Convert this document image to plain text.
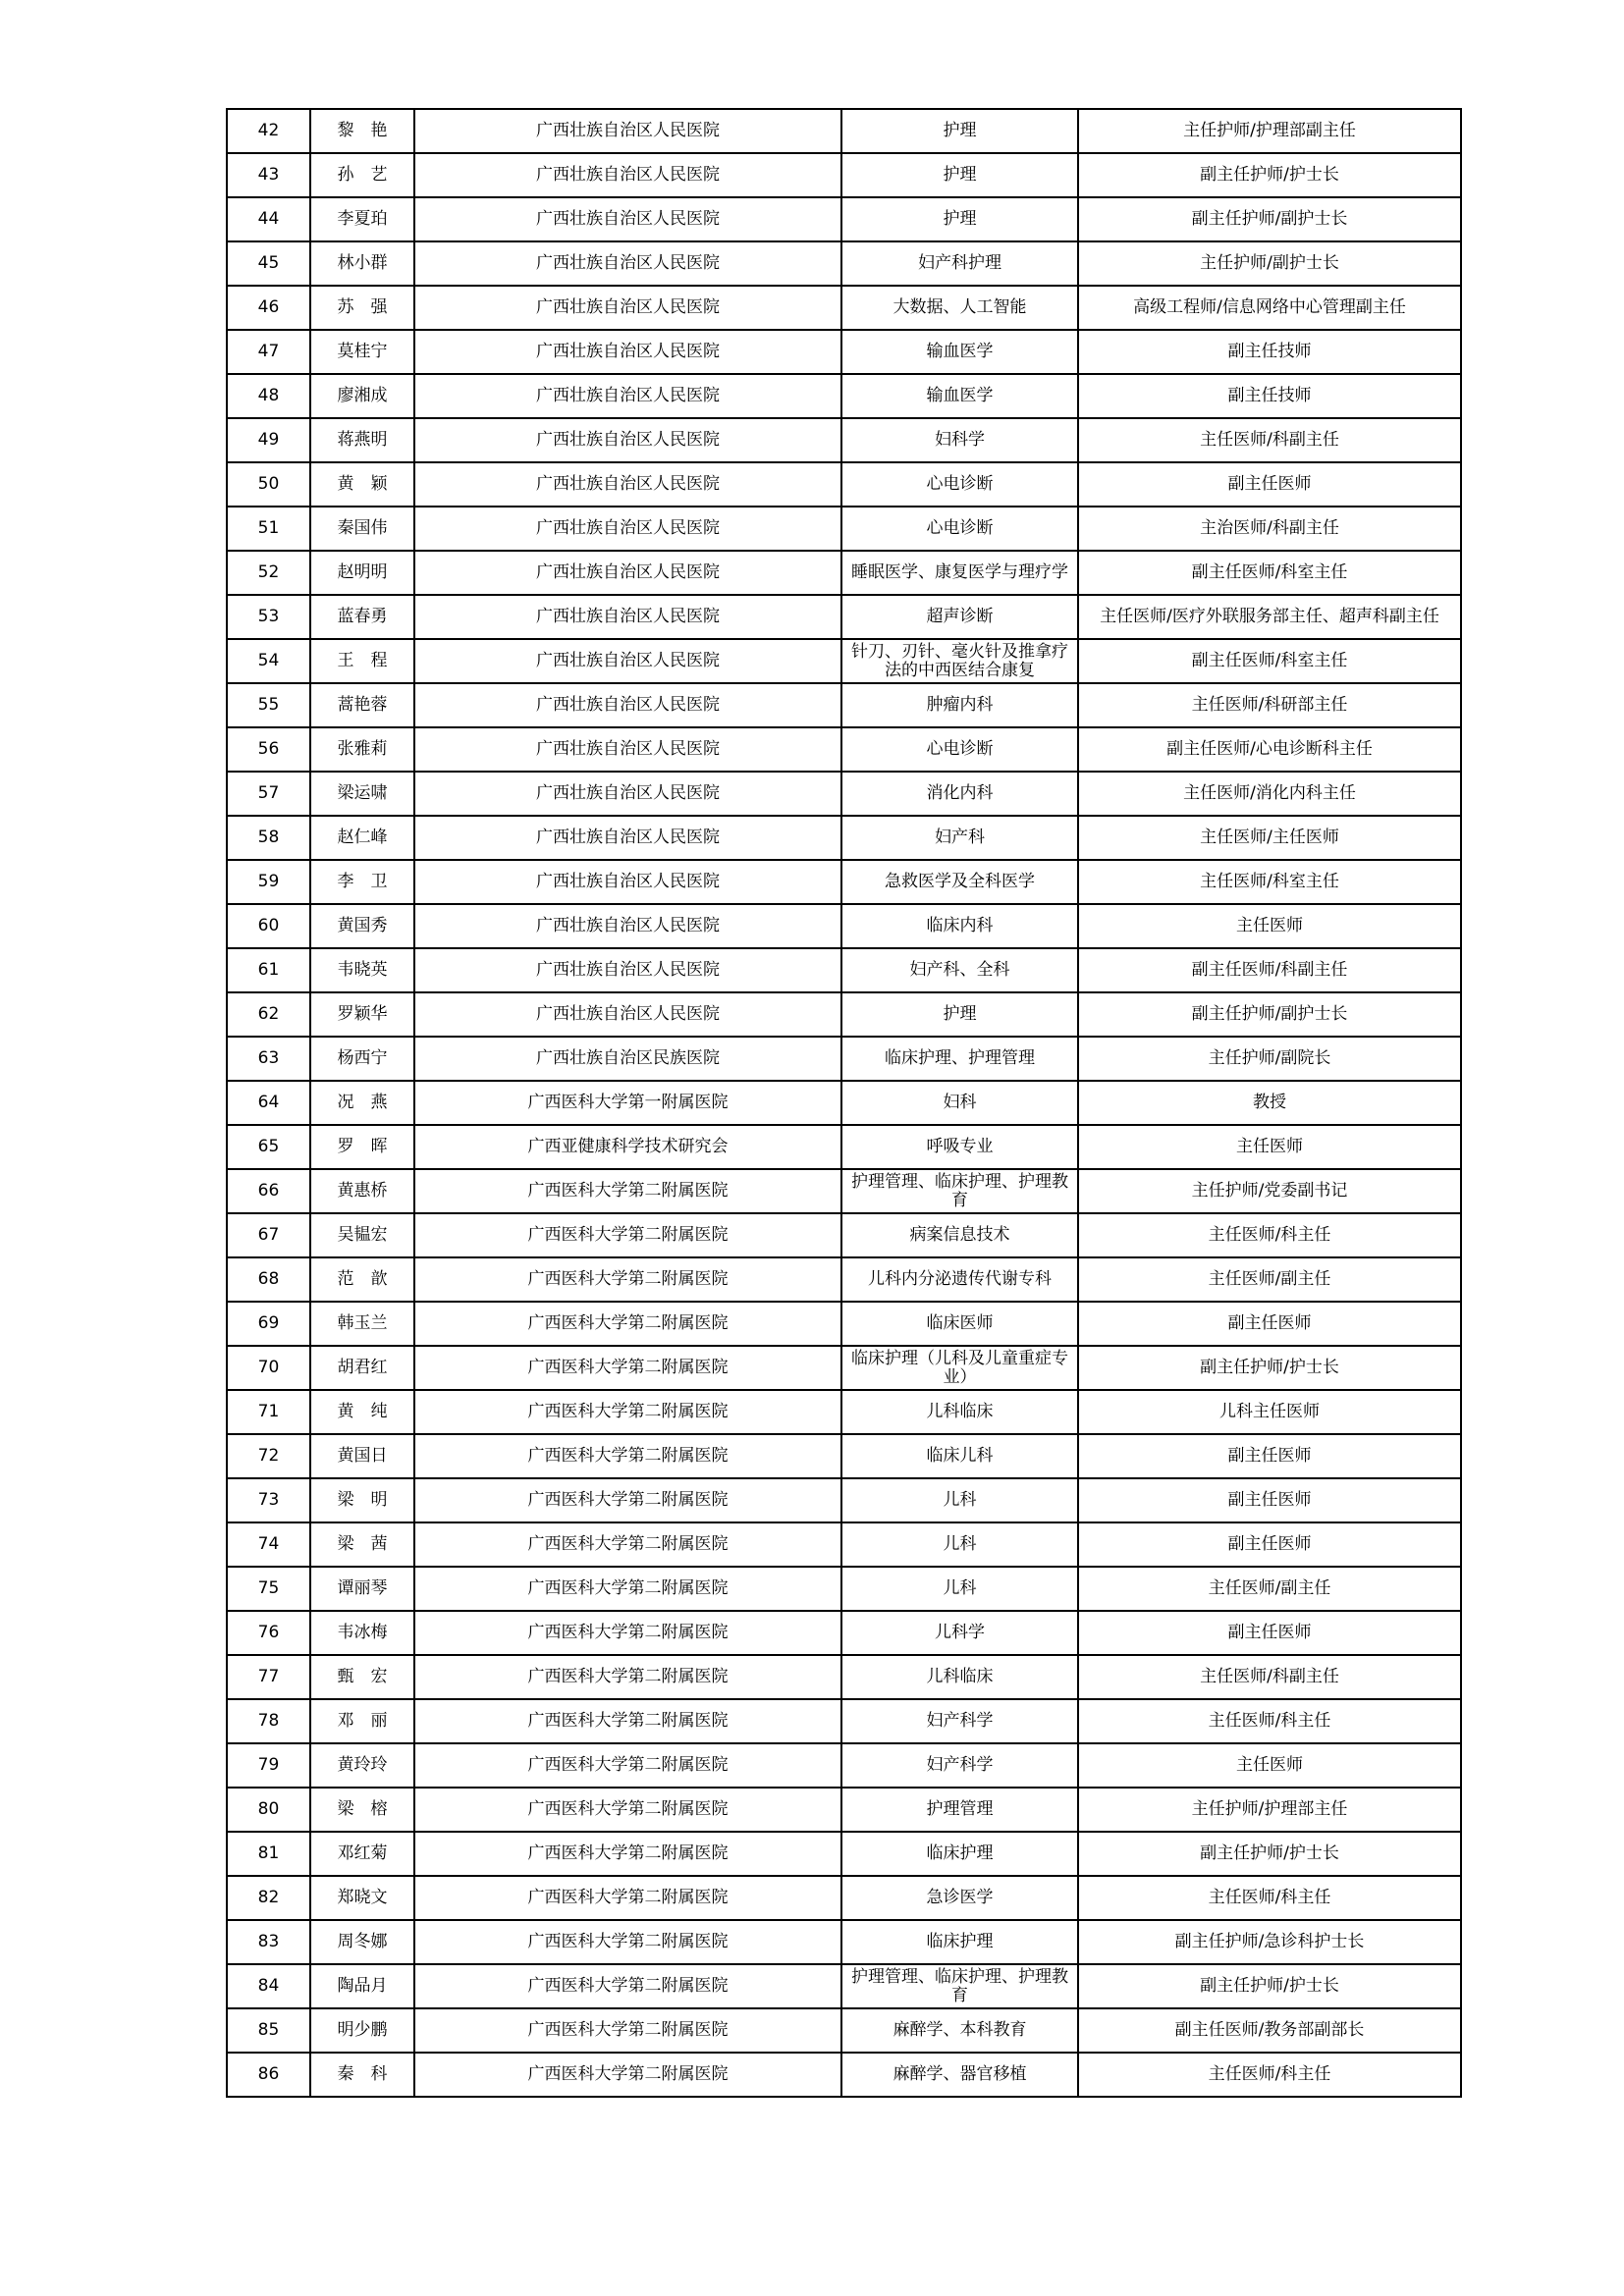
42	黎　艳	广西壮族自治区人民医院	护理	主任护师/护理部副主任
43	孙　艺	广西壮族自治区人民医院	护理	副主任护师/护士长
44	李夏珀	广西壮族自治区人民医院	护理	副主任护师/副护士长
45	林小群	广西壮族自治区人民医院	妇产科护理	主任护师/副护士长
46	苏　强	广西壮族自治区人民医院	大数据、人工智能	高级工程师/信息网络中心管理副主任
47	莫桂宁	广西壮族自治区人民医院	输血医学	副主任技师
48	廖湘成	广西壮族自治区人民医院	输血医学	副主任技师
49	蒋燕明	广西壮族自治区人民医院	妇科学	主任医师/科副主任
50	黄　颖	广西壮族自治区人民医院	心电诊断	副主任医师
51	秦国伟	广西壮族自治区人民医院	心电诊断	主治医师/科副主任
52	赵明明	广西壮族自治区人民医院	睡眠医学、康复医学与理疗学	副主任医师/科室主任
53	蓝春勇	广西壮族自治区人民医院	超声诊断	主任医师/医疗外联服务部主任、超声科副主任
54	王　程	广西壮族自治区人民医院	针刀、刃针、毫火针及推拿疗法的中西医结合康复	副主任医师/科室主任
55	蒿艳蓉	广西壮族自治区人民医院	肿瘤内科	主任医师/科研部主任
56	张雅莉	广西壮族自治区人民医院	心电诊断	副主任医师/心电诊断科主任
57	梁运啸	广西壮族自治区人民医院	消化内科	主任医师/消化内科主任
58	赵仁峰	广西壮族自治区人民医院	妇产科	主任医师/主任医师
59	李　卫	广西壮族自治区人民医院	急救医学及全科医学	主任医师/科室主任
60	黄国秀	广西壮族自治区人民医院	临床内科	主任医师
61	韦晓英	广西壮族自治区人民医院	妇产科、全科	副主任医师/科副主任
62	罗颖华	广西壮族自治区人民医院	护理	副主任护师/副护士长
63	杨西宁	广西壮族自治区民族医院	临床护理、护理管理	主任护师/副院长
64	况　燕	广西医科大学第一附属医院	妇科	教授
65	罗　晖	广西亚健康科学技术研究会	呼吸专业	主任医师
66	黄惠桥	广西医科大学第二附属医院	护理管理、临床护理、护理教育	主任护师/党委副书记
67	吴韫宏	广西医科大学第二附属医院	病案信息技术	主任医师/科主任
68	范　歆	广西医科大学第二附属医院	儿科内分泌遗传代谢专科	主任医师/副主任
69	韩玉兰	广西医科大学第二附属医院	临床医师	副主任医师
70	胡君红	广西医科大学第二附属医院	临床护理（儿科及儿童重症专业）	副主任护师/护士长
71	黄　纯	广西医科大学第二附属医院	儿科临床	儿科主任医师
72	黄国日	广西医科大学第二附属医院	临床儿科	副主任医师
73	梁　明	广西医科大学第二附属医院	儿科	副主任医师
74	梁　茜	广西医科大学第二附属医院	儿科	副主任医师
75	谭丽琴	广西医科大学第二附属医院	儿科	主任医师/副主任
76	韦冰梅	广西医科大学第二附属医院	儿科学	副主任医师
77	甄　宏	广西医科大学第二附属医院	儿科临床	主任医师/科副主任
78	邓　丽	广西医科大学第二附属医院	妇产科学	主任医师/科主任
79	黄玲玲	广西医科大学第二附属医院	妇产科学	主任医师
80	梁　榕	广西医科大学第二附属医院	护理管理	主任护师/护理部主任
81	邓红菊	广西医科大学第二附属医院	临床护理	副主任护师/护士长
82	郑晓文	广西医科大学第二附属医院	急诊医学	主任医师/科主任
83	周冬娜	广西医科大学第二附属医院	临床护理	副主任护师/急诊科护士长
84	陶品月	广西医科大学第二附属医院	护理管理、临床护理、护理教育	副主任护师/护士长
85	明少鹏	广西医科大学第二附属医院	麻醉学、本科教育	副主任医师/教务部副部长
86	秦　科	广西医科大学第二附属医院	麻醉学、器官移植	主任医师/科主任
